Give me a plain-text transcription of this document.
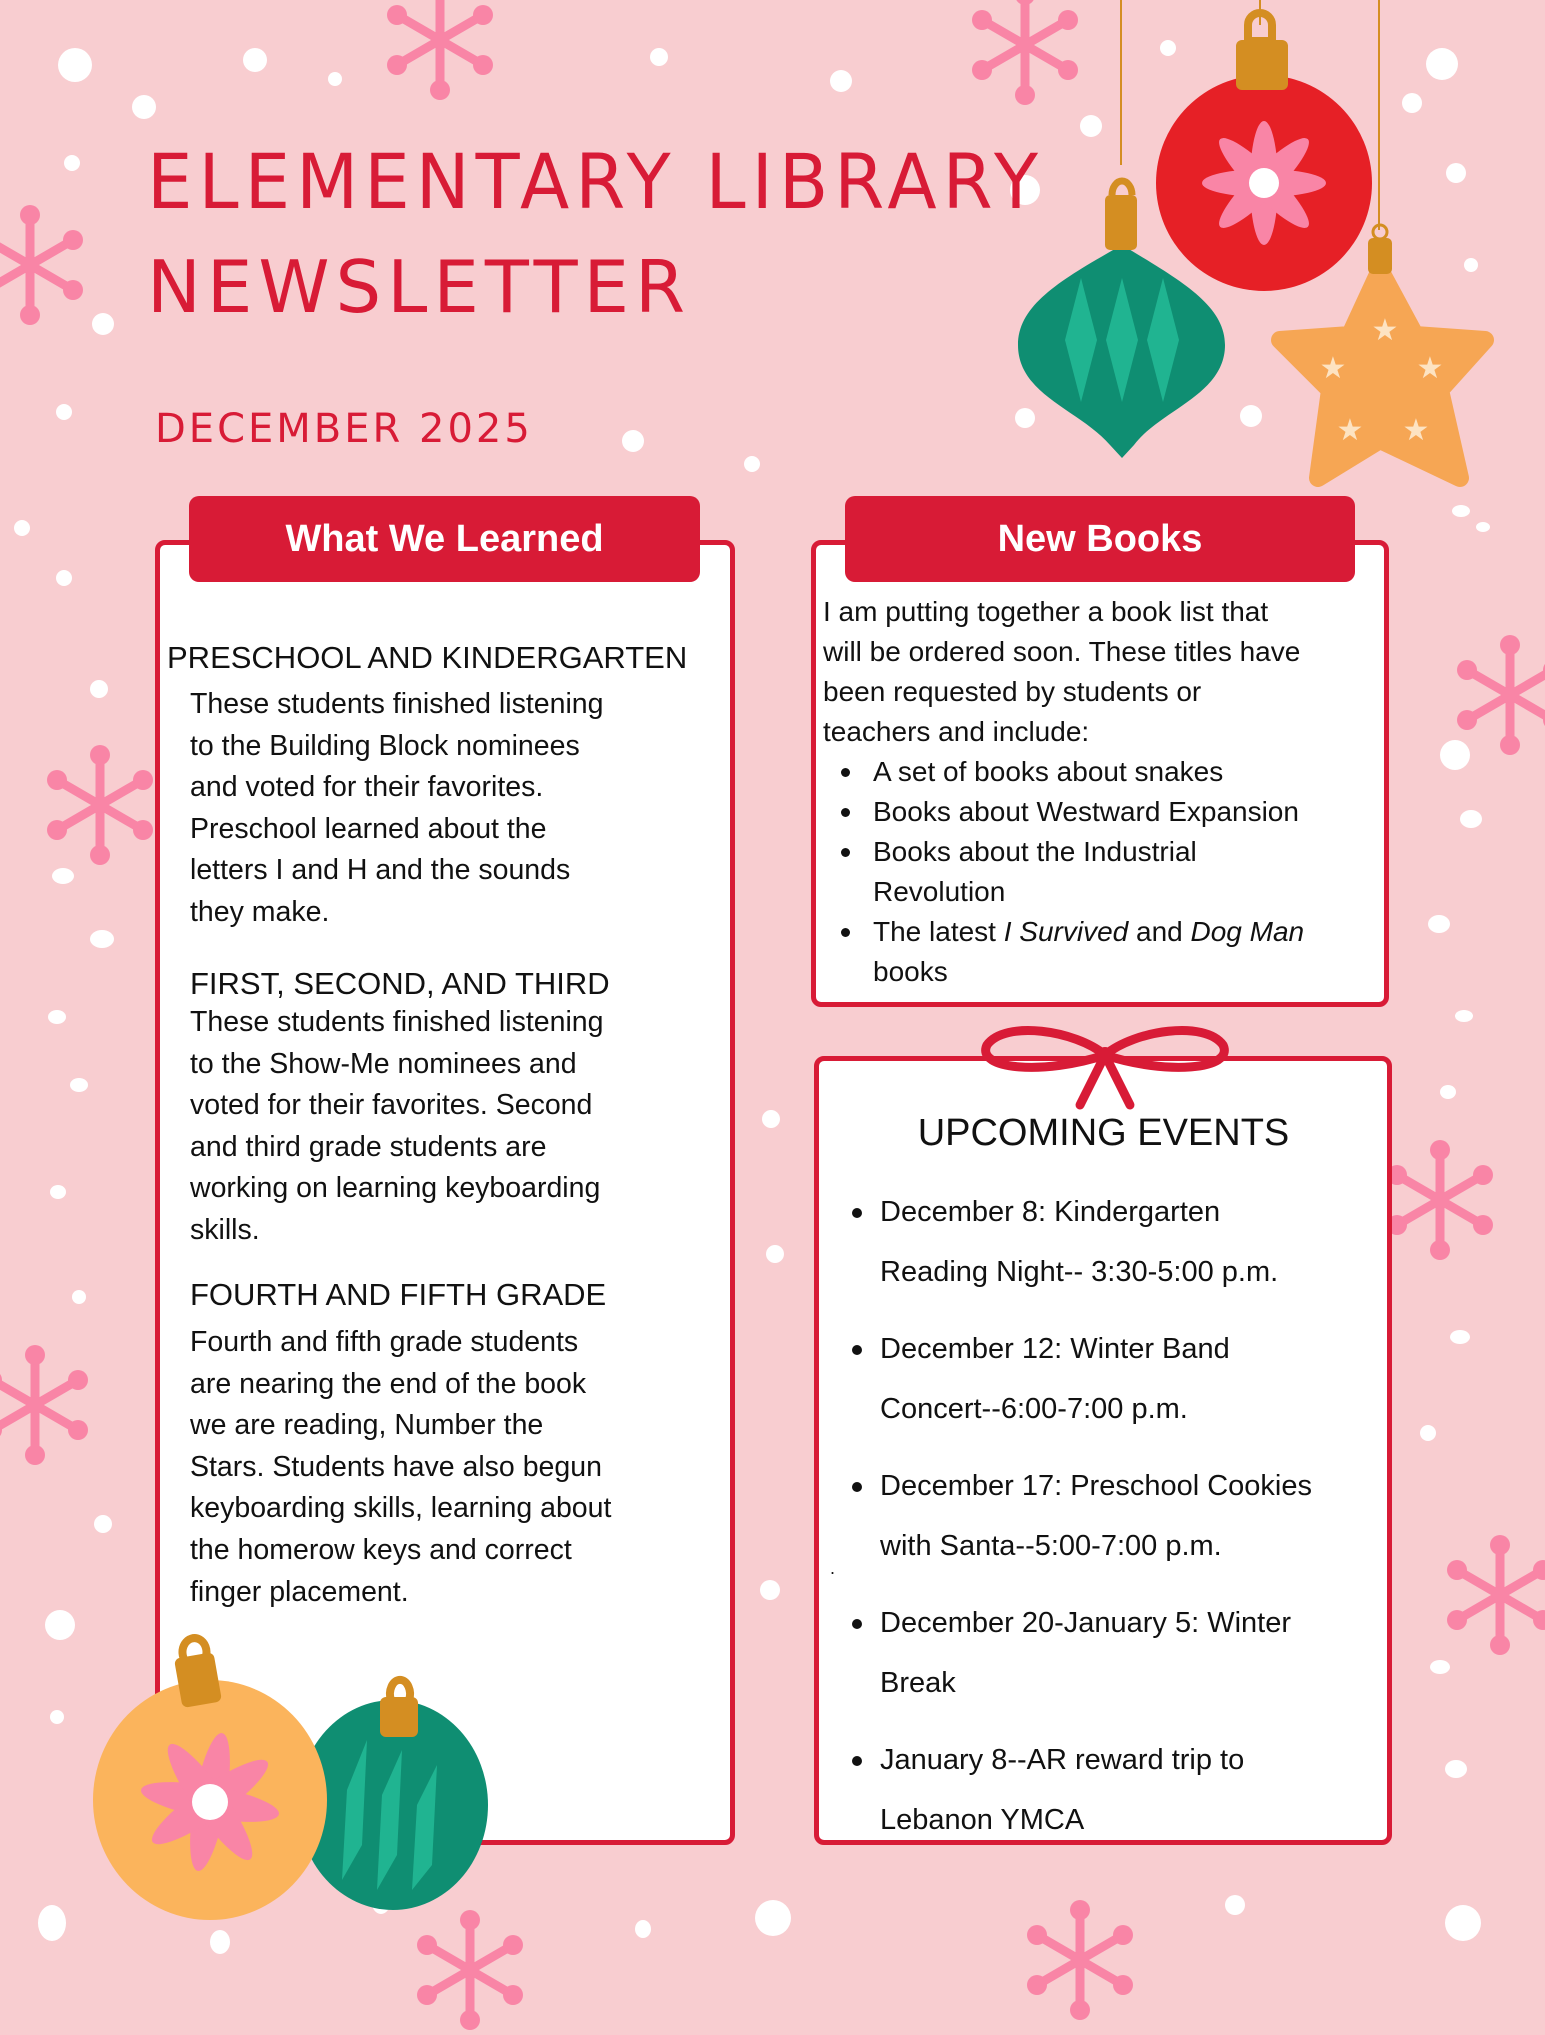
ELEMENTARY LIBRARY
NEWSLETTER
DECEMBER 2025
★
★ ★
★ ★
What We Learned
PRESCHOOL AND KINDERGARTEN
These students finished listening
to the Building Block nominees
and voted for their favorites.
Preschool learned about the
letters I and H and the sounds
they make.
FIRST, SECOND, AND THIRD
These students finished listening
to the Show-Me nominees and
voted for their favorites. Second
and third grade students are
working on learning keyboarding
skills.
FOURTH AND FIFTH GRADE
Fourth and fifth grade students
are nearing the end of the book
we are reading, Number the
Stars. Students have also begun
keyboarding skills, learning about
the homerow keys and correct
finger placement.
New Books
I am putting together a book list that
will be ordered soon. These titles have
been requested by students or
teachers and include:
A set of books about snakes
Books about Westward Expansion
Books about the Industrial
Revolution
The latest I Survived and Dog Man
books
UPCOMING EVENTS
December 8: Kindergarten
Reading Night-- 3:30-5:00 p.m.
December 12: Winter Band
Concert--6:00-7:00 p.m.
December 17: Preschool Cookies
with Santa--5:00-7:00 p.m.
December 20-January 5: Winter
Break
January 8--AR reward trip to
Lebanon YMCA
.
